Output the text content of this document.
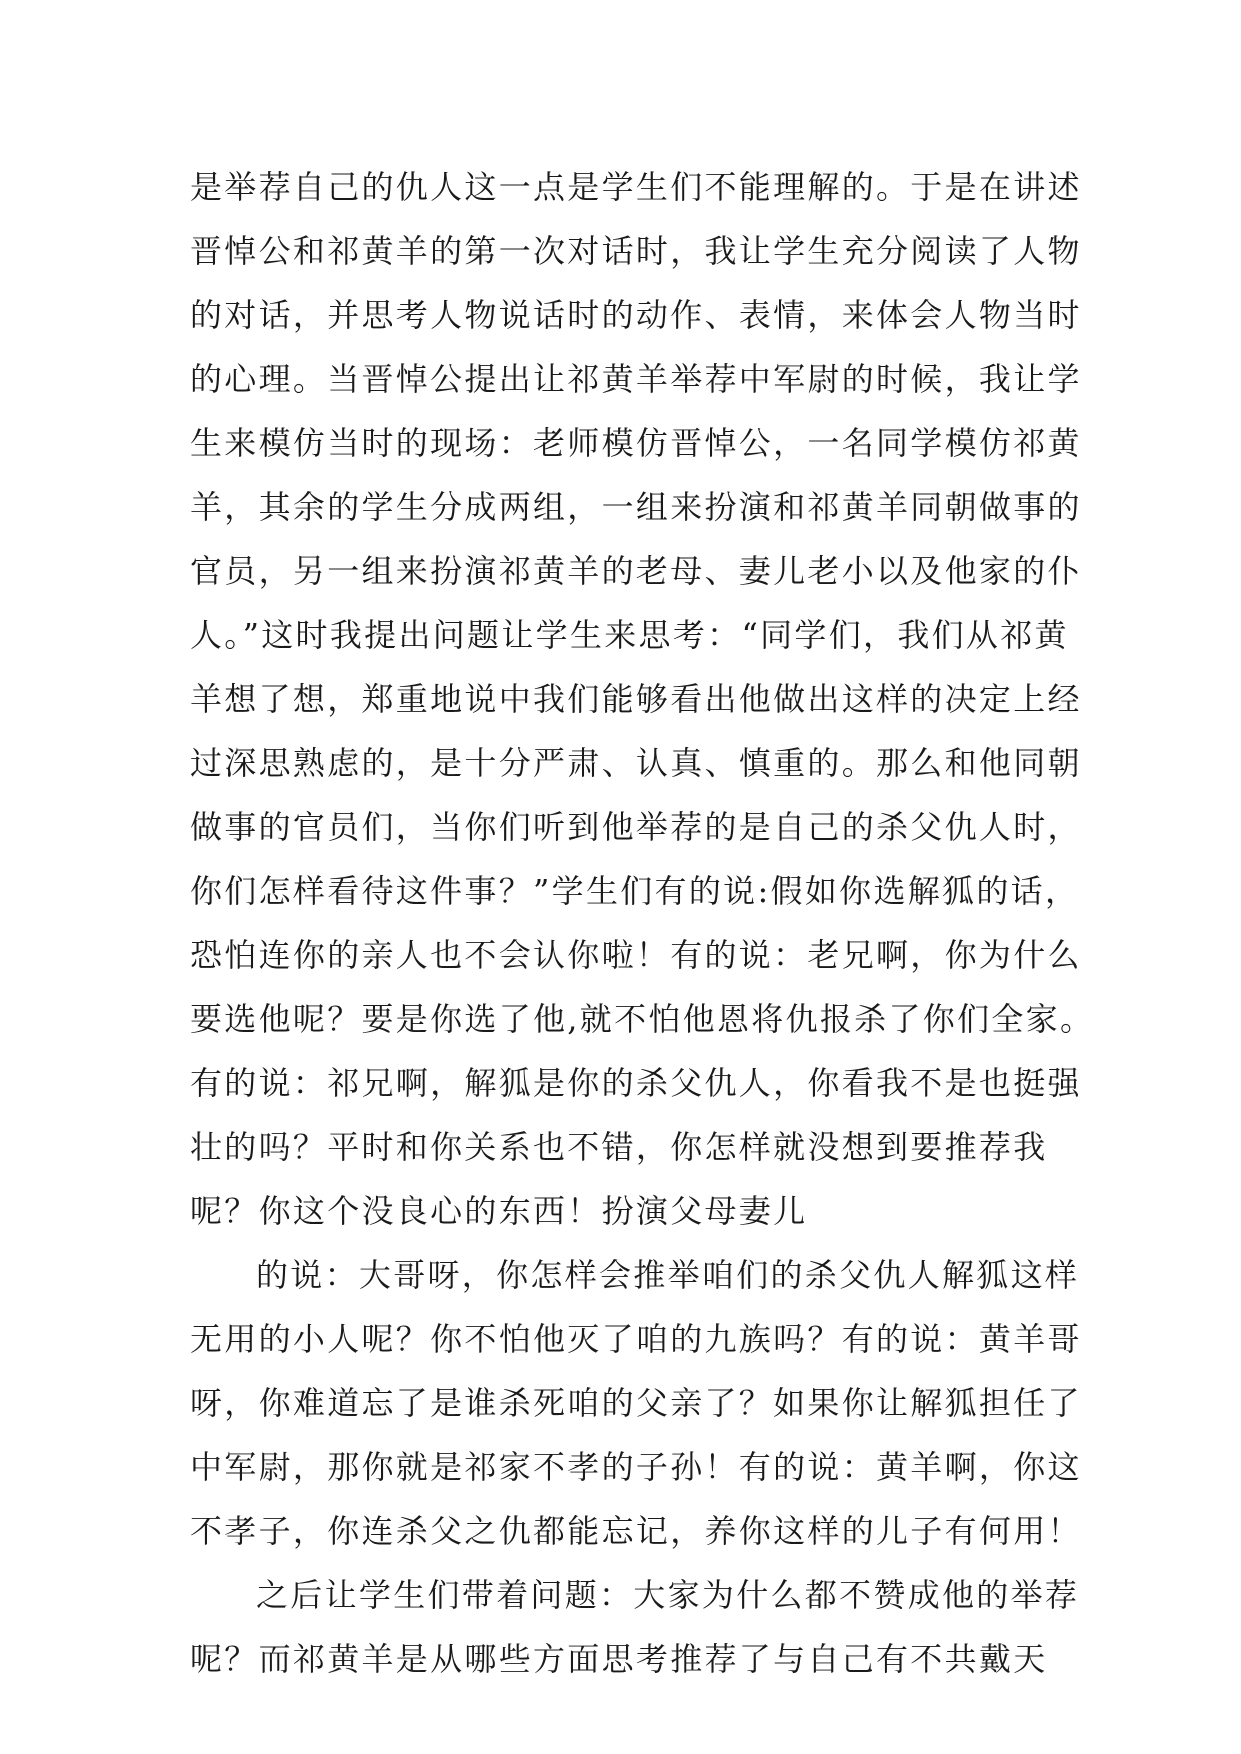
是举荐自己的仇人这一点是学生们不能理解的。于是在讲述
晋悼公和祁黄羊的第一次对话时，我让学生充分阅读了人物
的对话，并思考人物说话时的动作、表情，来体会人物当时
的心理。当晋悼公提出让祁黄羊举荐中军尉的时候，我让学
生来模仿当时的现场：老师模仿晋悼公，一名同学模仿祁黄
羊，其余的学生分成两组，一组来扮演和祁黄羊同朝做事的
官员，另一组来扮演祁黄羊的老母、妻儿老小以及他家的仆
人。”这时我提出问题让学生来思考：“同学们，我们从祁黄
羊想了想，郑重地说中我们能够看出他做出这样的决定上经
过深思熟虑的，是十分严肃、认真、慎重的。那么和他同朝
做事的官员们，当你们听到他举荐的是自己的杀父仇人时，
你们怎样看待这件事？”学生们有的说:假如你选解狐的话，
恐怕连你的亲人也不会认你啦！有的说：老兄啊，你为什么
要选他呢？要是你选了他,就不怕他恩将仇报杀了你们全家。
有的说：祁兄啊，解狐是你的杀父仇人，你看我不是也挺强
壮的吗？平时和你关系也不错，你怎样就没想到要推荐我
呢？你这个没良心的东西！扮演父母妻儿
的说：大哥呀，你怎样会推举咱们的杀父仇人解狐这样
无用的小人呢？你不怕他灭了咱的九族吗？有的说：黄羊哥
呀，你难道忘了是谁杀死咱的父亲了？如果你让解狐担任了
中军尉，那你就是祁家不孝的子孙！有的说：黄羊啊，你这
不孝子，你连杀父之仇都能忘记，养你这样的儿子有何用！
之后让学生们带着问题：大家为什么都不赞成他的举荐
呢？而祁黄羊是从哪些方面思考推荐了与自己有不共戴天
